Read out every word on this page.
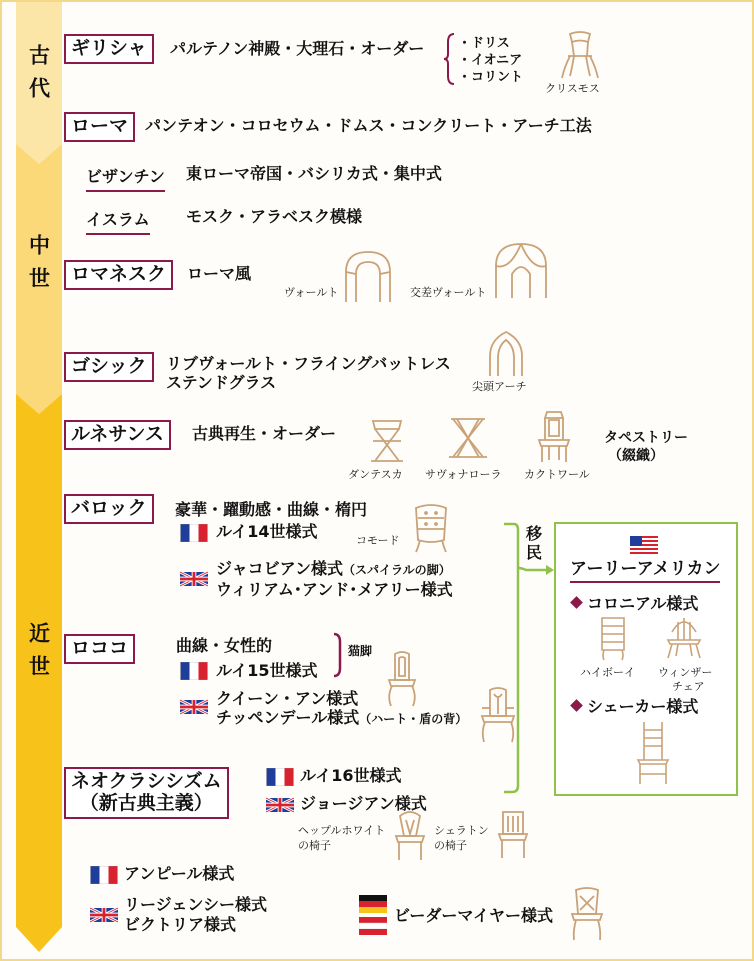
古代
中世
近世
ギリシャ	パルテノン神殿・大理石・オーダー	・ドリス
・イオニア
・コリント
クリスモス
ローマ	パンテオン・コロセウム・ドムス・コンクリート・アーチ工法
ビザンチン 東ローマ帝国・バシリカ式・集中式
イスラム モスク・アラベスク模様
ロマネスク	ローマ風
ヴォールト	交差ヴォールト
ゴシック	リブヴォールト・フライングバットレス
ステンドグラス	尖頭アーチ
ルネサンス	古典再生・オーダー
ダンテスカ サヴォナローラ カクトワール
タペストリー
（綴織）
バロック	豪華・躍動感・曲線・楕円
ルイ14世様式	コモード
ジャコビアン様式（スパイラルの脚）
ウィリアム･アンド･メアリー様式
ロココ	曲線・女性的
ルイ15世様式
猫脚
クイーン・アン様式
チッペンデール様式（ハート・盾の背）
ネオクラシシズム
（新古典主義）
ルイ16世様式
ジョージアン様式
ヘップルホワイト
の椅子
シェラトン
の椅子
アンピール様式
リージェンシー様式
ビクトリア様式	ビーダーマイヤー様式
移
民
アーリーアメリカン
コロニアル様式
ハイボーイ ウィンザー
チェア
シェーカー様式
